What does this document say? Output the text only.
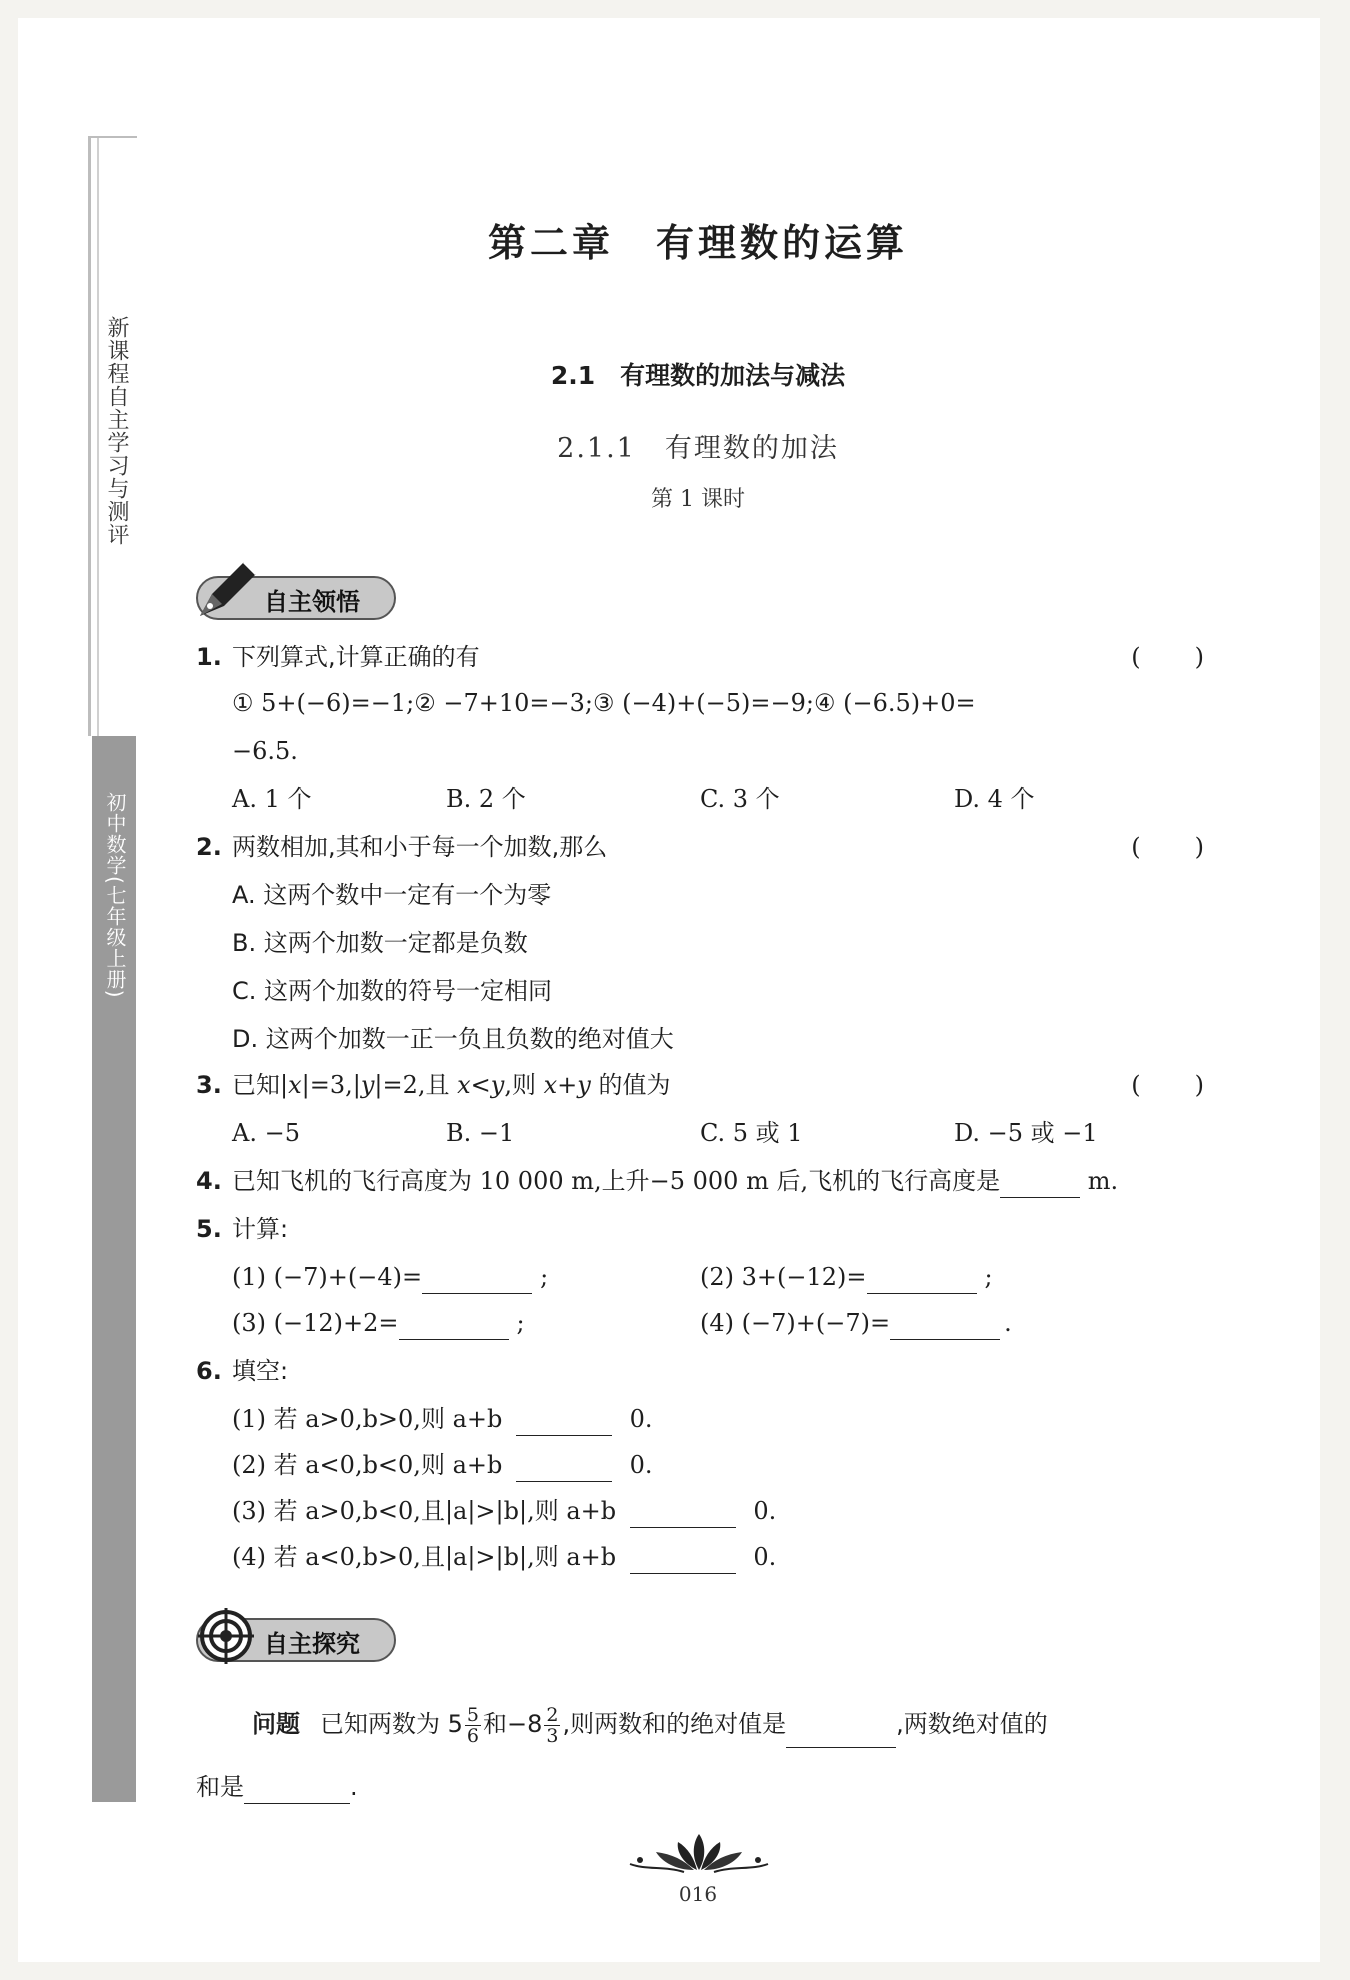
新课程自主学习与测评
初中数学(七年级上册)
第二章　有理数的运算
2.1　有理数的加法与减法
2.1.1　有理数的加法
第 1 课时
自主领悟
1. 下列算式,计算正确的有	(　　)
① 5+(−6)=−1;② −7+10=−3;③ (−4)+(−5)=−9;④ (−6.5)+0=
−6.5.
A. 1 个	B. 2 个	C. 3 个	D. 4 个
2. 两数相加,其和小于每一个加数,那么	(　　)
A. 这两个数中一定有一个为零
B. 这两个加数一定都是负数
C. 这两个加数的符号一定相同
D. 这两个加数一正一负且负数的绝对值大
3. 已知|x|=3,|y|=2,且 x<y,则 x+y 的值为	(　　)
A. −5	B. −1	C. 5 或 1	D. −5 或 −1
4. 已知飞机的飞行高度为 10 000 m,上升−5 000 m 后,飞机的飞行高度是	m.
5. 计算:
(1) (−7)+(−4)=	;	(2) 3+(−12)=	;
(3) (−12)+2=	;	(4) (−7)+(−7)=	.
6. 填空:
(1) 若 a>0,b>0,则 a+b	0.
(2) 若 a<0,b<0,则 a+b	0.
(3) 若 a>0,b<0,且|a|>|b|,则 a+b	0.
(4) 若 a<0,b>0,且|a|>|b|,则 a+b	0.
自主探究
问题 已知两数为 $5 \frac{5}{6}$ 和$-8 \frac{2}{3}$ ,则两数和的绝对值是	,两数绝对值的
和是	.
016
